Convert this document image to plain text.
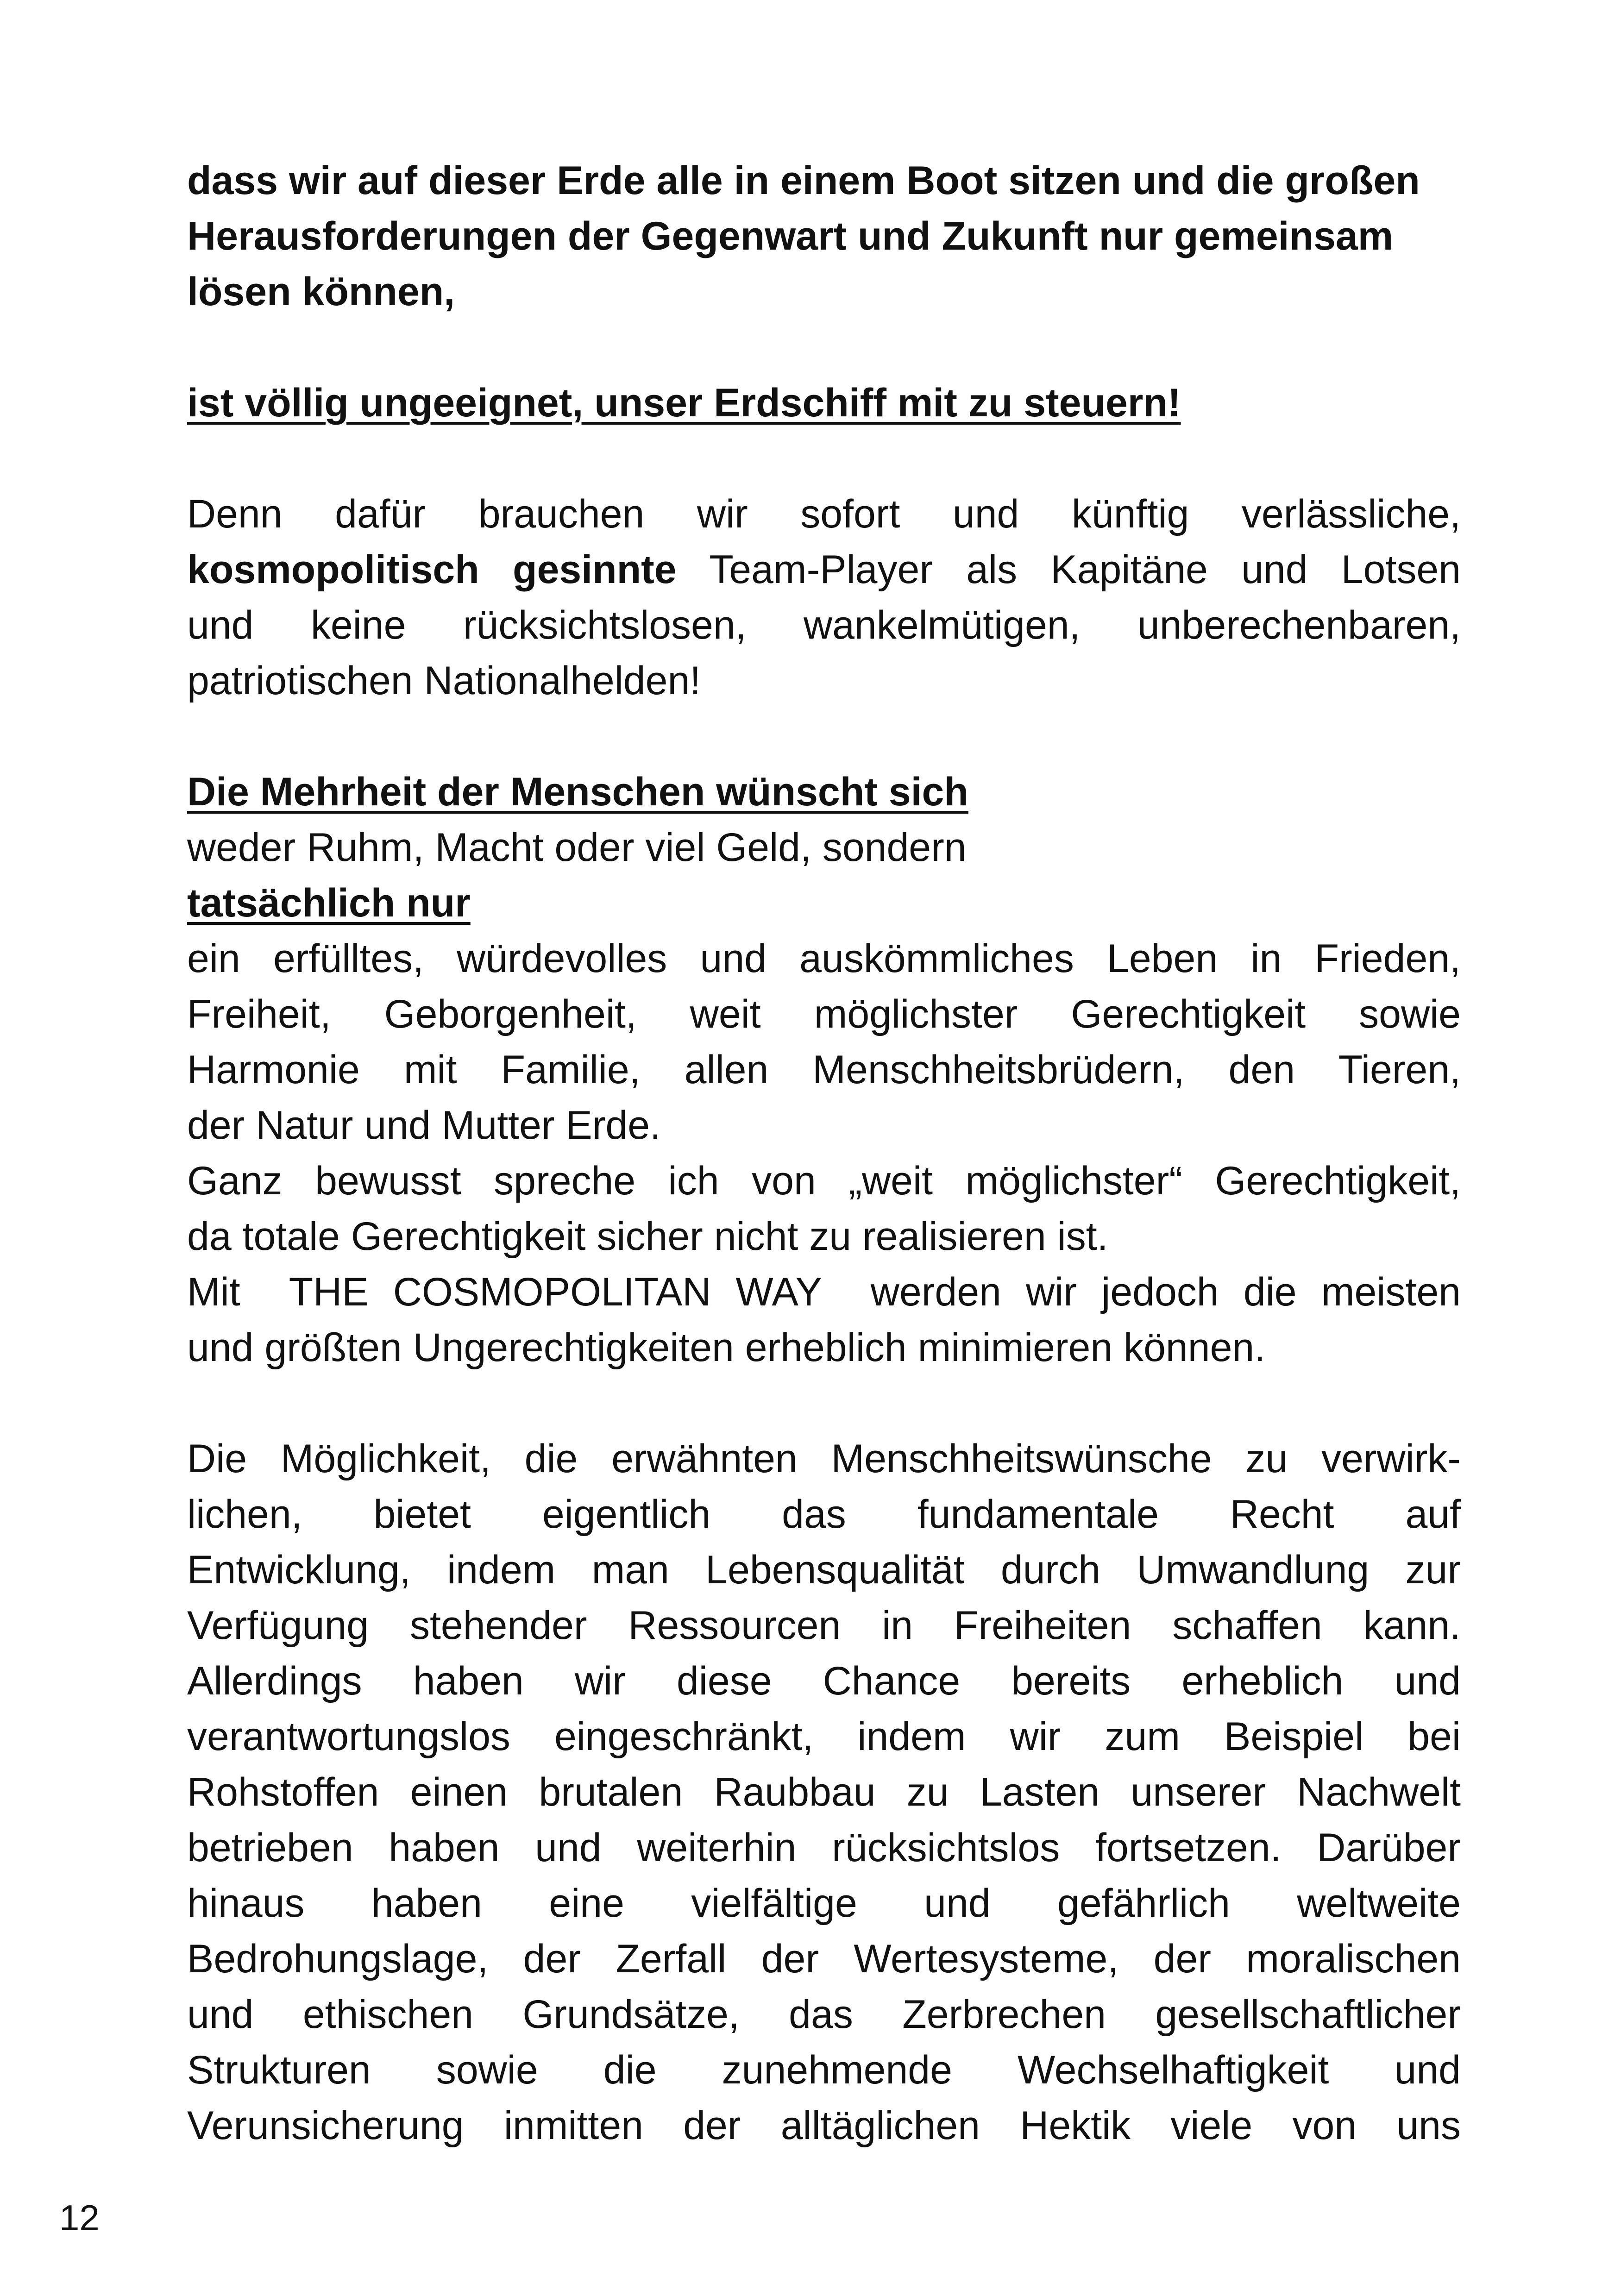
dass wir auf dieser Erde alle in einem Boot sitzen und die großen

Herausforderungen der Gegenwart und Zukunft nur gemeinsam

lösen können,

ist völlig ungeeignet, unser Erdschiff mit zu steuern!

Denn dafür brauchen wir sofort und künftig verlässliche,

kosmopolitisch gesinnte Team-Player als Kapitäne und Lotsen

und keine rücksichtslosen, wankelmütigen, unberechenbaren,

patriotischen Nationalhelden!

Die Mehrheit der Menschen wünscht sich

weder Ruhm, Macht oder viel Geld, sondern

tatsächlich nur

ein erfülltes, würdevolles und auskömmliches Leben in Frieden,

Freiheit, Geborgenheit, weit möglichster Gerechtigkeit sowie

Harmonie mit Familie, allen Menschheitsbrüdern, den Tieren,

der Natur und Mutter Erde.

Ganz bewusst spreche ich von „weit möglichster“ Gerechtigkeit,

da totale Gerechtigkeit sicher nicht zu realisieren ist.

Mit  THE COSMOPOLITAN WAY  werden wir jedoch die meisten

und größten Ungerechtigkeiten erheblich minimieren können.

Die Möglichkeit, die erwähnten Menschheitswünsche zu verwirk-

lichen, bietet eigentlich das fundamentale Recht auf

Entwicklung, indem man Lebensqualität durch Umwandlung zur

Verfügung stehender Ressourcen in Freiheiten schaffen kann.

Allerdings haben wir diese Chance bereits erheblich und

verantwortungslos eingeschränkt, indem wir zum Beispiel bei

Rohstoffen einen brutalen Raubbau zu Lasten unserer Nachwelt

betrieben haben und weiterhin rücksichtslos fortsetzen. Darüber

hinaus haben eine vielfältige und gefährlich weltweite

Bedrohungslage, der Zerfall der Wertesysteme, der moralischen

und ethischen Grundsätze, das Zerbrechen gesellschaftlicher

Strukturen sowie die zunehmende Wechselhaftigkeit und

Verunsicherung inmitten der alltäglichen Hektik viele von uns

12
